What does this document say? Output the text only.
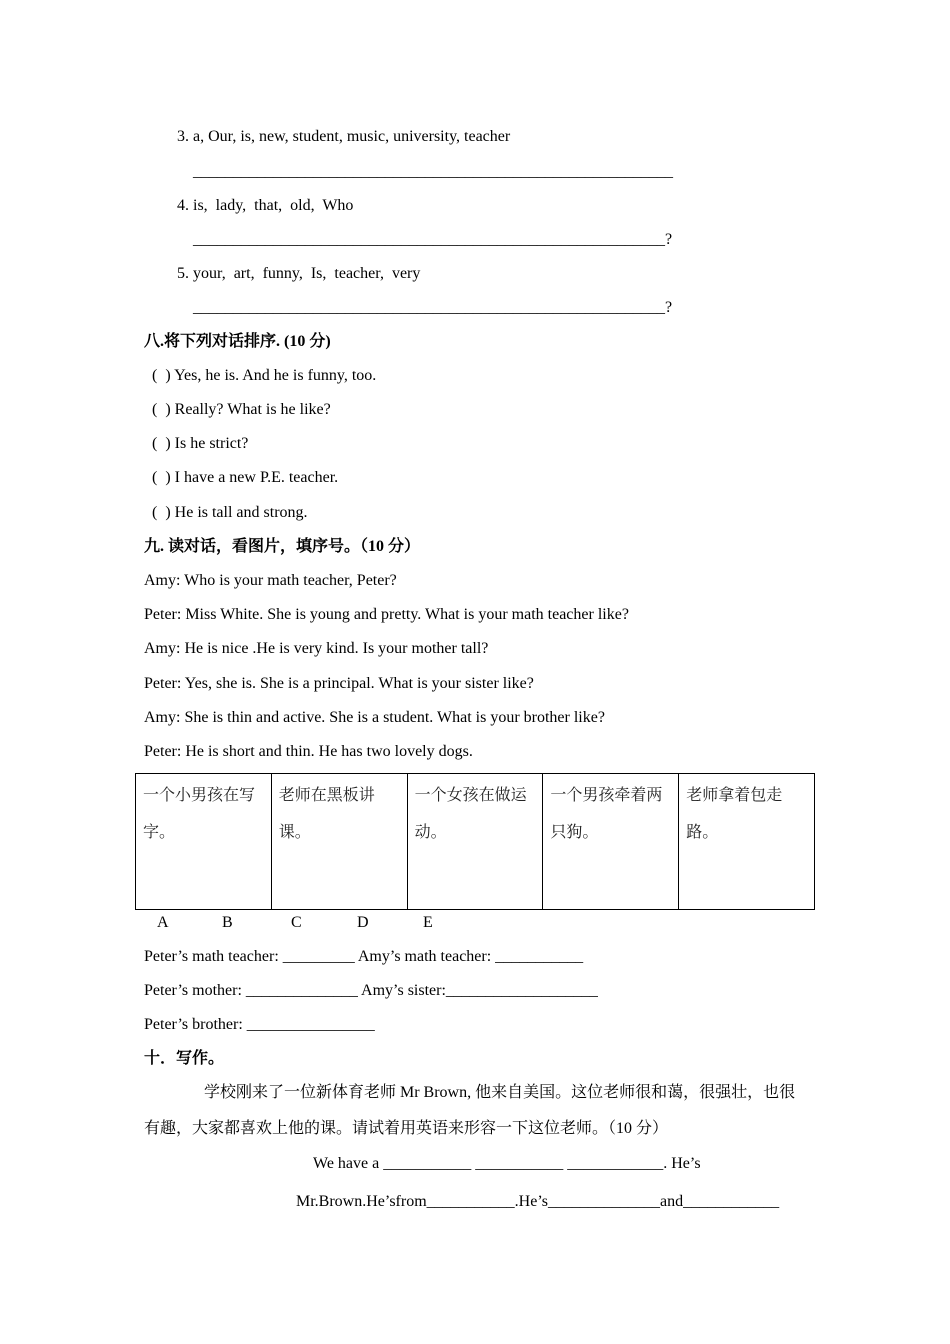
3. a, Our, is, new, student, music, university, teacher
____________________________________________________________
4. is,  lady,  that,  old,  Who
___________________________________________________________?
5. your,  art,  funny,  Is,  teacher,  very
___________________________________________________________?
八.将下列对话排序. (10 分)
(  ) Yes, he is. And he is funny, too.
(  ) Really? What is he like?
(  ) Is he strict?
(  ) I have a new P.E. teacher.
(  ) He is tall and strong.
九. 读对话，看图片，填序号。（10 分）
Amy: Who is your math teacher, Peter?
Peter: Miss White. She is young and pretty. What is your math teacher like?
Amy: He is nice .He is very kind. Is your mother tall?
Peter: Yes, she is. She is a principal. What is your sister like?
Amy: She is thin and active. She is a student. What is your brother like?
Peter: He is short and thin. He has two lovely dogs.
一个小男孩在写字。	老师在黑板讲课。	一个女孩在做运动。	一个男孩牵着两只狗。	老师拿着包走路。
A	B	C	D	E
Peter’s math teacher: _________ Amy’s math teacher: ___________
Peter’s mother: ______________ Amy’s sister:___________________
Peter’s brother: ________________
十．写作。
学校刚来了一位新体育老师 Mr Brown, 他来自美国。这位老师很和蔼，很强壮，也很
有趣，大家都喜欢上他的课。请试着用英语来形容一下这位老师。（10 分）
We have a ___________ ___________ ____________. He’s
Mr.Brown.He’sfrom___________.He’s______________and____________
